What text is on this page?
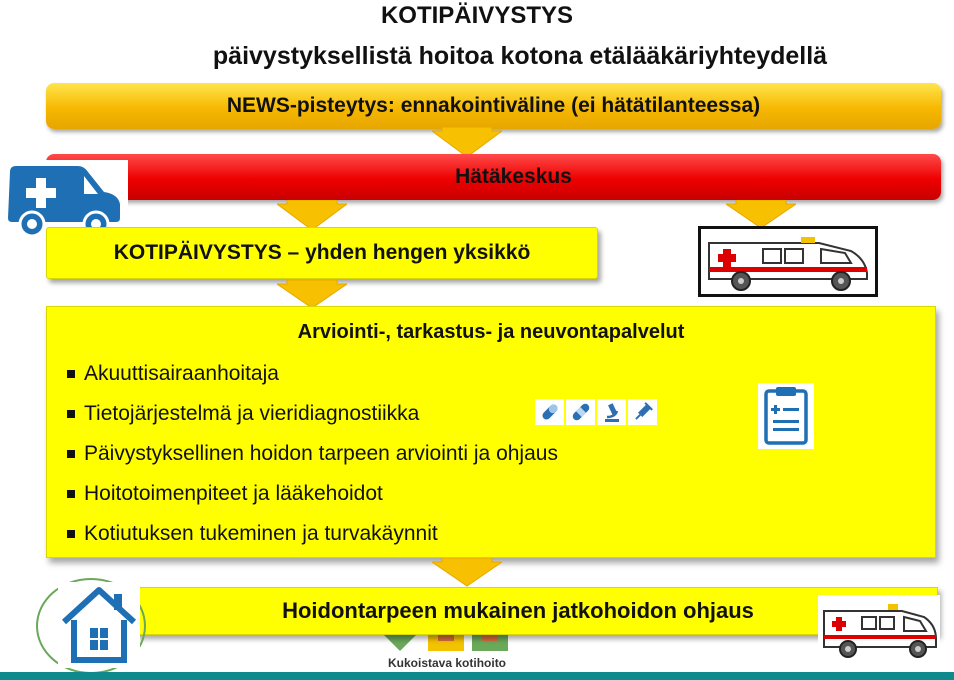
KOTIPÄIVYSTYS
päivystyksellistä hoitoa kotona etälääkäriyhteydellä
NEWS-pisteytys: ennakointiväline (ei hätätilanteessa)
Hätäkeskus
KOTIPÄIVYSTYS – yhden hengen yksikkö
Arviointi-, tarkastus- ja neuvontapalvelut
Akuuttisairaanhoitaja
Tietojärjestelmä ja vieridiagnostiikka
Päivystyksellinen hoidon tarpeen arviointi ja ohjaus
Hoitotoimenpiteet ja lääkehoidot
Kotiutuksen tukeminen ja turvakäynnit
Hoidontarpeen mukainen jatkohoidon ohjaus
Kukoistava kotihoito
